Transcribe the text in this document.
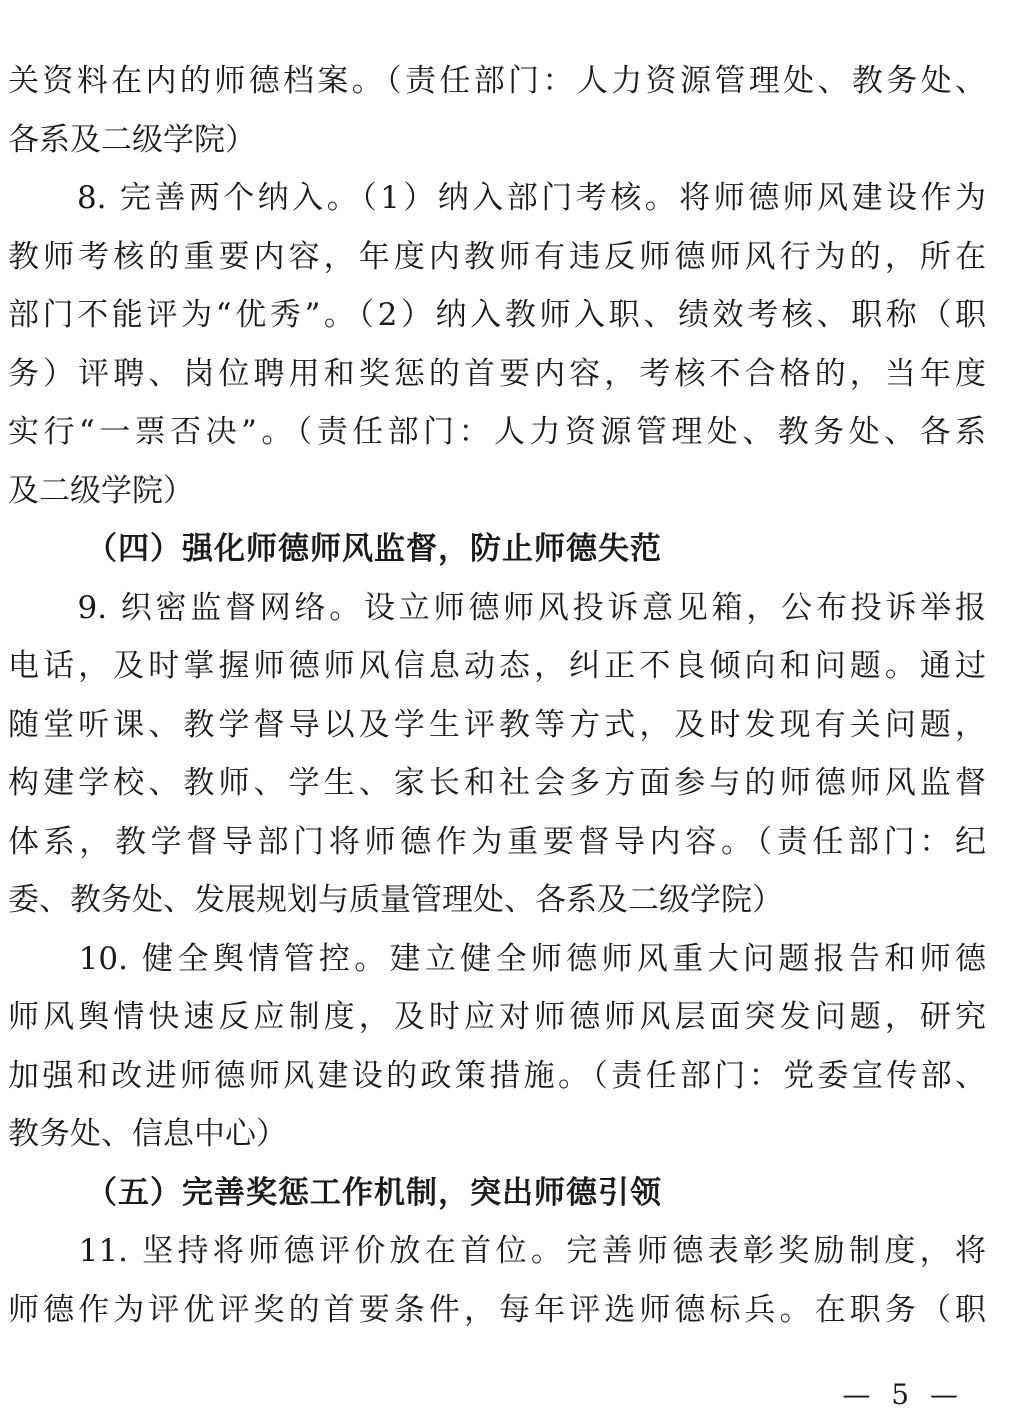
关资料在内的师德档案。（责任部门：人力资源管理处、教务处、
各系及二级学院）
　　8. 完善两个纳入。（1）纳入部门考核。将师德师风建设作为
教师考核的重要内容，年度内教师有违反师德师风行为的，所在
部门不能评为“优秀”。（2）纳入教师入职、绩效考核、职称（职
务）评聘、岗位聘用和奖惩的首要内容，考核不合格的，当年度
实行“一票否决”。（责任部门：人力资源管理处、教务处、各系
及二级学院）
（四）强化师德师风监督，防止师德失范
　　9. 织密监督网络。设立师德师风投诉意见箱，公布投诉举报
电话，及时掌握师德师风信息动态，纠正不良倾向和问题。通过
随堂听课、教学督导以及学生评教等方式，及时发现有关问题，
构建学校、教师、学生、家长和社会多方面参与的师德师风监督
体系，教学督导部门将师德作为重要督导内容。（责任部门：纪
委、教务处、发展规划与质量管理处、各系及二级学院）
　　10. 健全舆情管控。建立健全师德师风重大问题报告和师德
师风舆情快速反应制度，及时应对师德师风层面突发问题，研究
加强和改进师德师风建设的政策措施。（责任部门：党委宣传部、
教务处、信息中心）
（五）完善奖惩工作机制，突出师德引领
　　11. 坚持将师德评价放在首位。完善师德表彰奖励制度，将
师德作为评优评奖的首要条件，每年评选师德标兵。在职务（职
— 5 —
